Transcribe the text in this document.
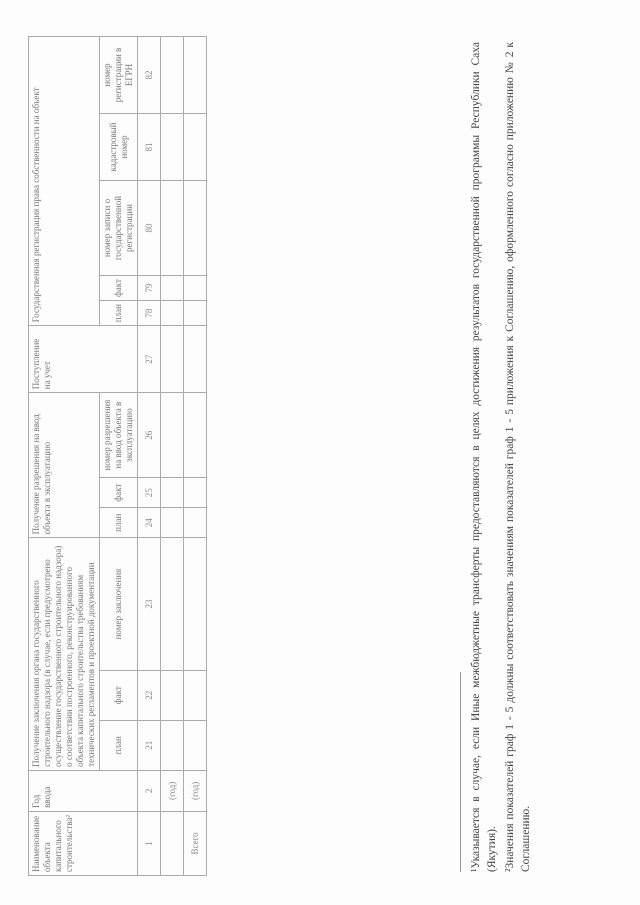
Наименование объекта капитального строительства²	Год ввода	Получение заключения органа государственного строительного надзора (в случае, если предусмотрено осуществление государственного строительного надзора) о соответствии построенного, реконструированного объекта капитального строительства требованиям технических регламентов и проектной документации			Получение разрешения на ввод объекта в эксплуатацию			Поступление на учет	Государственная регистрация права собственности на объект				
		план	факт	номер заключения	план	факт	номер разрешения на ввод объекта в эксплуатацию		план	факт	номер записи о государственной регистрации	кадастровый номер	номер регистрации в ЕГРН

1	2	21	22	23	24	25	26	27	78	79	80	81	82
	(год)												
Всего	(год)													¹Указывается в случае, если Иные межбюджетные трансферты предоставляются в целях достижения результатов государственной программы Республики Саха (Якутия). ²Значения показателей граф 1 - 5 должны соответствовать значениям показателей граф 1 - 5 приложения к Соглашению, оформленного согласно приложению № 2 к Соглашению.
